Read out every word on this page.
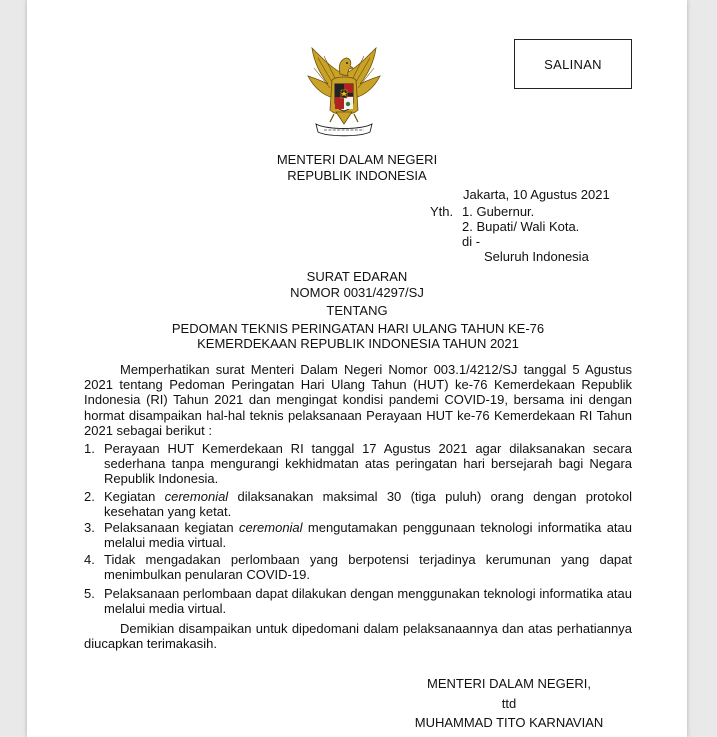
SALINAN
MENTERI DALAM NEGERI
REPUBLIK INDONESIA
Jakarta, 10 Agustus 2021
Yth. 1. Gubernur.
2. Bupati/ Wali Kota.
di -
Seluruh Indonesia
SURAT EDARAN
NOMOR 0031/4297/SJ
TENTANG
PEDOMAN TEKNIS PERINGATAN HARI ULANG TAHUN KE-76
KEMERDEKAAN REPUBLIK INDONESIA TAHUN 2021
Memperhatikan surat Menteri Dalam Negeri Nomor 003.1/4212/SJ tanggal 5 Agustus 2021 tentang Pedoman Peringatan Hari Ulang Tahun (HUT) ke-76 Kemerdekaan Republik Indonesia (RI) Tahun 2021 dan mengingat kondisi pandemi COVID-19, bersama ini dengan hormat disampaikan hal-hal teknis pelaksanaan Perayaan HUT ke-76 Kemerdekaan RI Tahun 2021 sebagai berikut :
1. Perayaan HUT Kemerdekaan RI tanggal 17 Agustus 2021 agar dilaksanakan secara sederhana tanpa mengurangi kekhidmatan atas peringatan hari bersejarah bagi Negara Republik Indonesia.
2. Kegiatan ceremonial dilaksanakan maksimal 30 (tiga puluh) orang dengan protokol kesehatan yang ketat.
3. Pelaksanaan kegiatan ceremonial mengutamakan penggunaan teknologi informatika atau melalui media virtual.
4. Tidak mengadakan perlombaan yang berpotensi terjadinya kerumunan yang dapat menimbulkan penularan COVID-19.
5. Pelaksanaan perlombaan dapat dilakukan dengan menggunakan teknologi informatika atau melalui media virtual.
Demikian disampaikan untuk dipedomani dalam pelaksanaannya dan atas perhatiannya diucapkan terimakasih.
MENTERI DALAM NEGERI,
ttd
MUHAMMAD TITO KARNAVIAN
